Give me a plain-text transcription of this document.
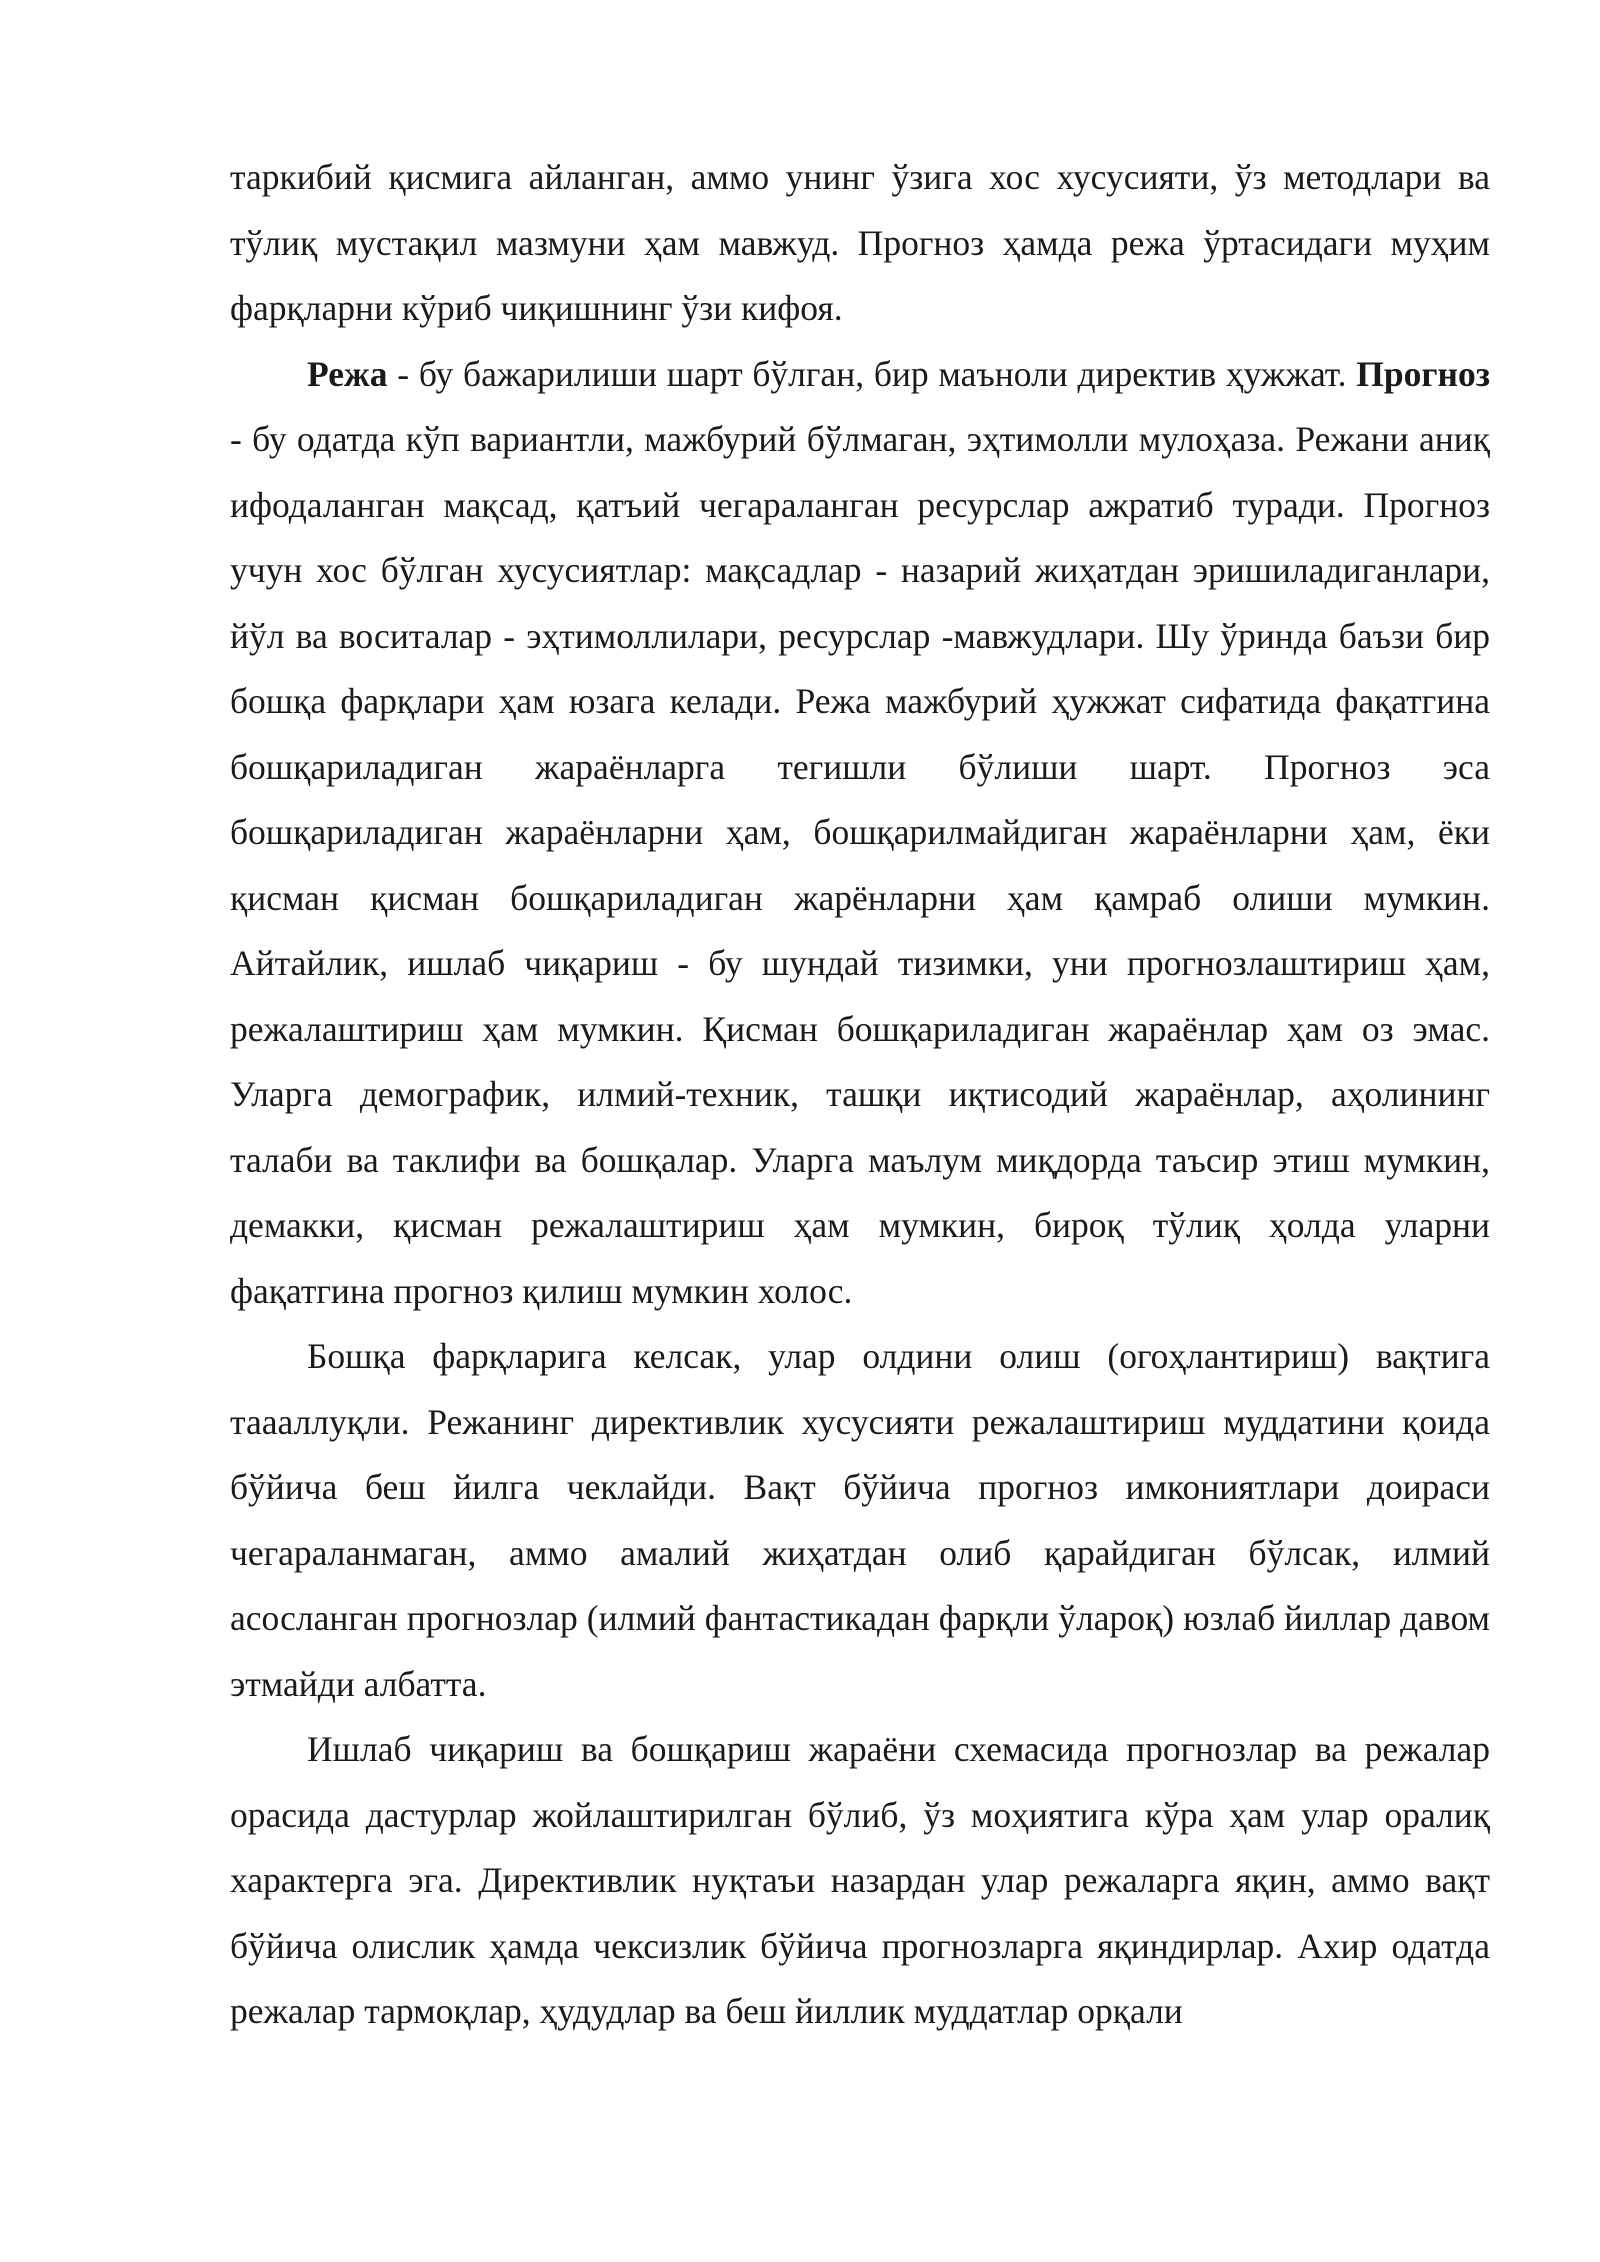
таркибий қисмига айланган, аммо унинг ўзига хос хусусияти, ўз методлари ва тўлиқ мустақил мазмуни ҳам мавжуд. Прогноз ҳамда режа ўртасидаги муҳим фарқларни кўриб чиқишнинг ўзи кифоя.

Режа - бу бажарилиши шарт бўлган, бир маъноли директив ҳужжат. Прогноз - бу одатда кўп вариантли, мажбурий бўлмаган, эҳтимолли мулоҳаза. Режани аниқ ифодаланган мақсад, қатъий чегараланган ресурслар ажратиб туради. Прогноз учун хос бўлган хусусиятлар: мақсадлар - назарий жиҳатдан эришиладиганлари, йўл ва воситалар - эҳтимоллилари, ресурслар -мавжудлари. Шу ўринда баъзи бир бошқа фарқлари ҳам юзага келади. Режа мажбурий ҳужжат сифатида фақатгина бошқариладиган жараёнларга тегишли бўлиши шарт. Прогноз эса бошқариладиган жараёнларни ҳам, бошқарилмайдиган жараёнларни ҳам, ёки қисман қисман бошқариладиган жарёнларни ҳам қамраб олиши мумкин. Айтайлик, ишлаб чиқариш - бу шундай тизимки, уни прогнозлаштириш ҳам, режалаштириш ҳам мумкин. Қисман бошқариладиган жараёнлар ҳам оз эмас. Уларга демографик, илмий-техник, ташқи иқтисодий жараёнлар, аҳолининг талаби ва таклифи ва бошқалар. Уларга маълум миқдорда таъсир этиш мумкин, демакки, қисман режалаштириш ҳам мумкин, бироқ тўлиқ ҳолда уларни фақатгина прогноз қилиш мумкин холос.

Бошқа фарқларига келсак, улар олдини олиш (огоҳлантириш) вақтига таааллуқли. Режанинг директивлик хусусияти режалаштириш муддатини қоида бўйича беш йилга чеклайди. Вақт бўйича прогноз имкониятлари доираси чегараланмаган, аммо амалий жиҳатдан олиб қарайдиган бўлсак, илмий асосланган прогнозлар (илмий фантастикадан фарқли ўлароқ) юзлаб йиллар давом этмайди албатта.

Ишлаб чиқариш ва бошқариш жараёни схемасида прогнозлар ва режалар орасида дастурлар жойлаштирилган бўлиб, ўз моҳиятига кўра ҳам улар оралиқ характерга эга. Директивлик нуқтаъи назардан улар режаларга яқин, аммо вақт бўйича олислик ҳамда чексизлик бўйича прогнозларга яқиндирлар. Ахир одатда режалар тармоқлар, ҳудудлар ва беш йиллик муддатлар орқали
